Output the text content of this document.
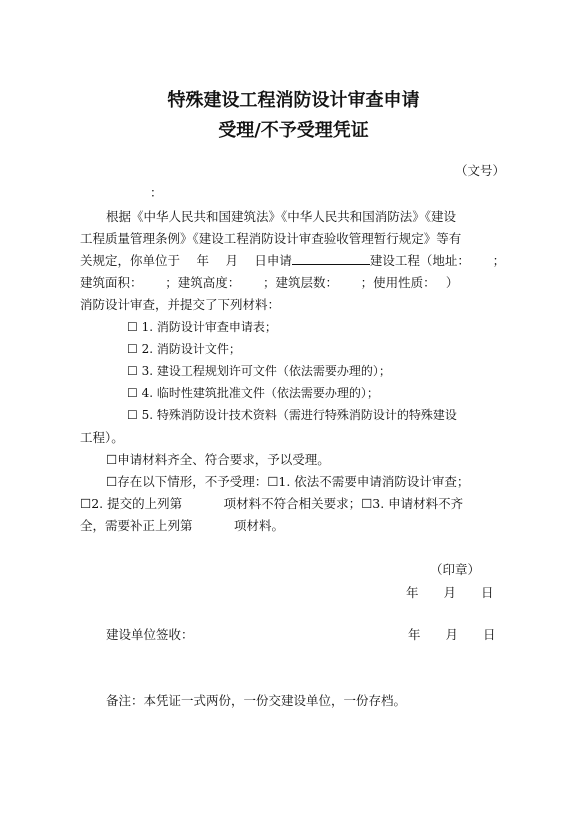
特殊建设工程消防设计审查申请
受理/不予受理凭证
（文号）
：
根据《中华人民共和国建筑法》《中华人民共和国消防法》《建设
工程质量管理条例》《建设工程消防设计审查验收管理暂行规定》等有
关规定，你单位于　 年　 月　 日申请	建设工程（地址：　　 ；
建筑面积：　　 ；建筑高度：　　 ；建筑层数：　　 ；使用性质：　 ）
消防设计审查，并提交了下列材料：
☐ 1. 消防设计审查申请表；
☐ 2. 消防设计文件；
☐ 3. 建设工程规划许可文件（依法需要办理的）；
☐ 4. 临时性建筑批准文件（依法需要办理的）；
☐ 5. 特殊消防设计技术资料（需进行特殊消防设计的特殊建设
工程）。
☐申请材料齐全、符合要求，予以受理。
☐存在以下情形，不予受理：☐1. 依法不需要申请消防设计审查；
☐2. 提交的上列第　　　 项材料不符合相关要求；☐3. 申请材料不齐
全，需要补正上列第　　　 项材料。
（印章）
年　　月　　日
建设单位签收：	年　　月　　日
备注：本凭证一式两份，一份交建设单位，一份存档。
